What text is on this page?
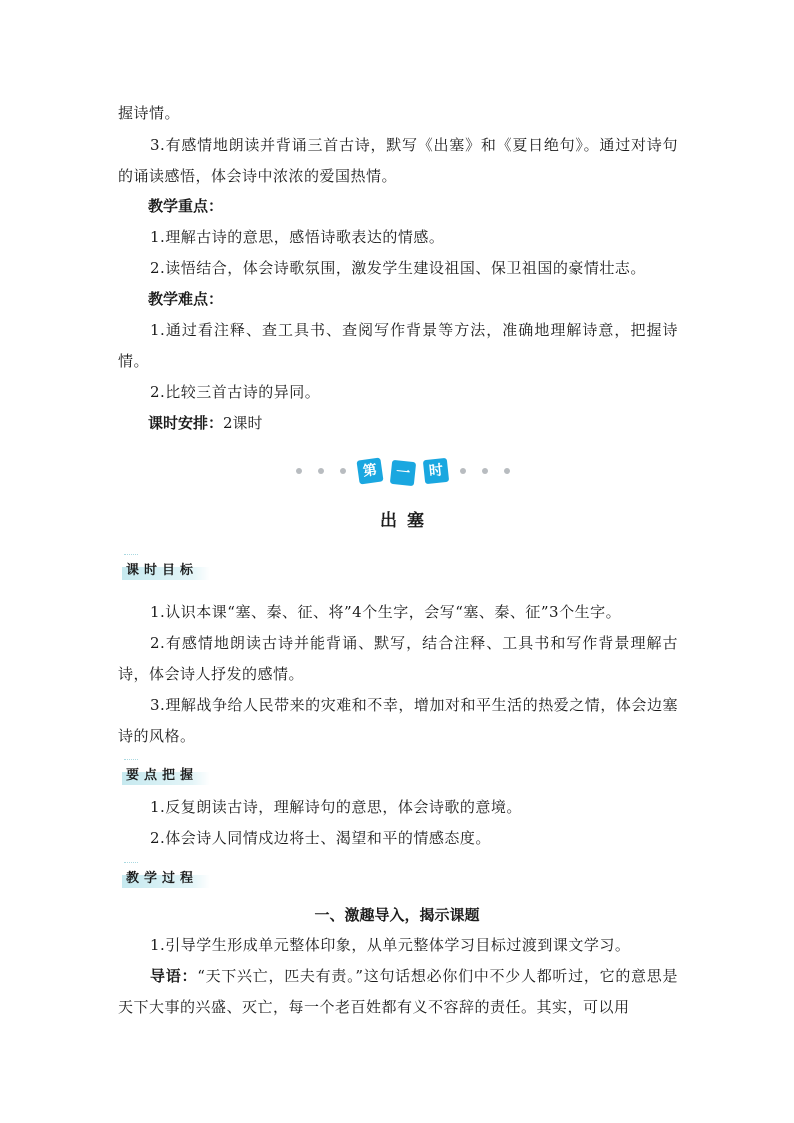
握诗情。
3.有感情地朗读并背诵三首古诗，默写《出塞》和《夏日绝句》。通过对诗句的诵读感悟，体会诗中浓浓的爱国热情。
教学重点：
1.理解古诗的意思，感悟诗歌表达的情感。
2.读悟结合，体会诗歌氛围，激发学生建设祖国、保卫祖国的豪情壮志。
教学难点：
1.通过看注释、查工具书、查阅写作背景等方法，准确地理解诗意，把握诗情。
2.比较三首古诗的异同。
课时安排：2课时
第	一课
时
出塞
课时目标
1.认识本课“塞、秦、征、将”4个生字，会写“塞、秦、征”3个生字。
2.有感情地朗读古诗并能背诵、默写，结合注释、工具书和写作背景理解古诗，体会诗人抒发的感情。
3.理解战争给人民带来的灾难和不幸，增加对和平生活的热爱之情，体会边塞诗的风格。
要点把握
1.反复朗读古诗，理解诗句的意思，体会诗歌的意境。
2.体会诗人同情戍边将士、渴望和平的情感态度。
教学过程
一、激趣导入，揭示课题
1.引导学生形成单元整体印象，从单元整体学习目标过渡到课文学习。
导语：“天下兴亡，匹夫有责。”这句话想必你们中不少人都听过，它的意思是天下大事的兴盛、灭亡，每一个老百姓都有义不容辞的责任。其实，可以用
